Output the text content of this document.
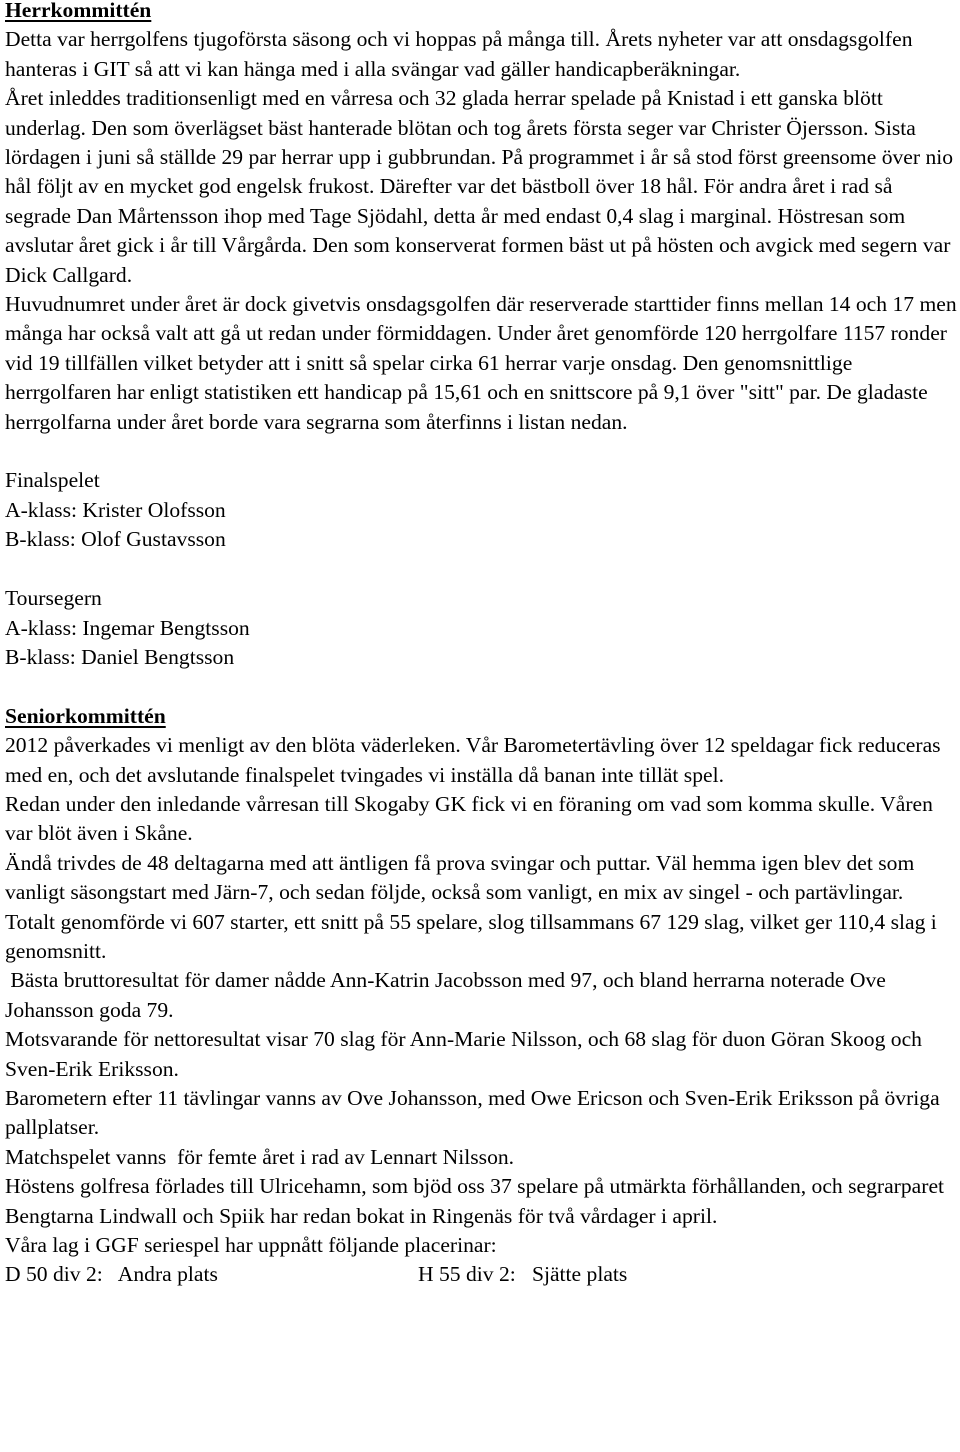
Herrkommittén

Detta var herrgolfens tjugoförsta säsong och vi hoppas på många till. Årets nyheter var att onsdagsgolfen hanteras i GIT så att vi kan hänga med i alla svängar vad gäller handicapberäkningar.

Året inleddes traditionsenligt med en vårresa och 32 glada herrar spelade på Knistad i ett ganska blött underlag. Den som överlägset bäst hanterade blötan och tog årets första seger var Christer Öjersson. Sista lördagen i juni så ställde 29 par herrar upp i gubbrundan. På programmet i år så stod först greensome över nio hål följt av en mycket god engelsk frukost. Därefter var det bästboll över 18 hål. För andra året i rad så segrade Dan Mårtensson ihop med Tage Sjödahl, detta år med endast 0,4 slag i marginal. Höstresan som avslutar året gick i år till Vårgårda. Den som konserverat formen bäst ut på hösten och avgick med segern var Dick Callgard.

Huvudnumret under året är dock givetvis onsdagsgolfen där reserverade starttider finns mellan 14 och 17 men många har också valt att gå ut redan under förmiddagen. Under året genomförde 120 herrgolfare 1157 ronder vid 19 tillfällen vilket betyder att i snitt så spelar cirka 61 herrar varje onsdag. Den genomsnittlige herrgolfaren har enligt statistiken ett handicap på 15,61 och en snittscore på 9,1 över "sitt" par. De gladaste herrgolfarna under året borde vara segrarna som återfinns i listan nedan.

Finalspelet
A-klass: Krister Olofsson
B-klass: Olof Gustavsson
Toursegern
A-klass: Ingemar Bengtsson
B-klass: Daniel Bengtsson
Seniorkommittén

2012 påverkades vi menligt av den blöta väderleken. Vår Barometertävling över 12 speldagar fick reduceras med en, och det avslutande finalspelet tvingades vi inställa då banan inte tillät spel.

Redan under den inledande vårresan till Skogaby GK fick vi en föraning om vad som komma skulle. Våren var blöt även i Skåne.

Ändå trivdes de 48 deltagarna med att äntligen få prova svingar och puttar. Väl hemma igen blev det som vanligt säsongstart med Järn-7, och sedan följde, också som vanligt, en mix av singel - och partävlingar.

Totalt genomförde vi 607 starter, ett snitt på 55 spelare, slog tillsammans 67 129 slag, vilket ger 110,4 slag i genomsnitt.

Bästa bruttoresultat för damer nådde Ann-Katrin Jacobsson med 97, och bland herrarna noterade Ove Johansson goda 79.

Motsvarande för nettoresultat visar 70 slag för Ann-Marie Nilsson, och 68 slag för duon Göran Skoog och Sven-Erik Eriksson.

Barometern efter 11 tävlingar vanns av Ove Johansson, med Owe Ericson och Sven-Erik Eriksson på övriga pallplatser.

Matchspelet vanns  för femte året i rad av Lennart Nilsson.

Höstens golfresa förlades till Ulricehamn, som bjöd oss 37 spelare på utmärkta förhållanden, och segrarparet Bengtarna Lindwall och Spiik har redan bokat in Ringenäs för två vårdager i april.

Våra lag i GGF seriespel har uppnått följande placerinar:

D 50 div 2:   Andra plats	H 55 div 2:   Sjätte plats
